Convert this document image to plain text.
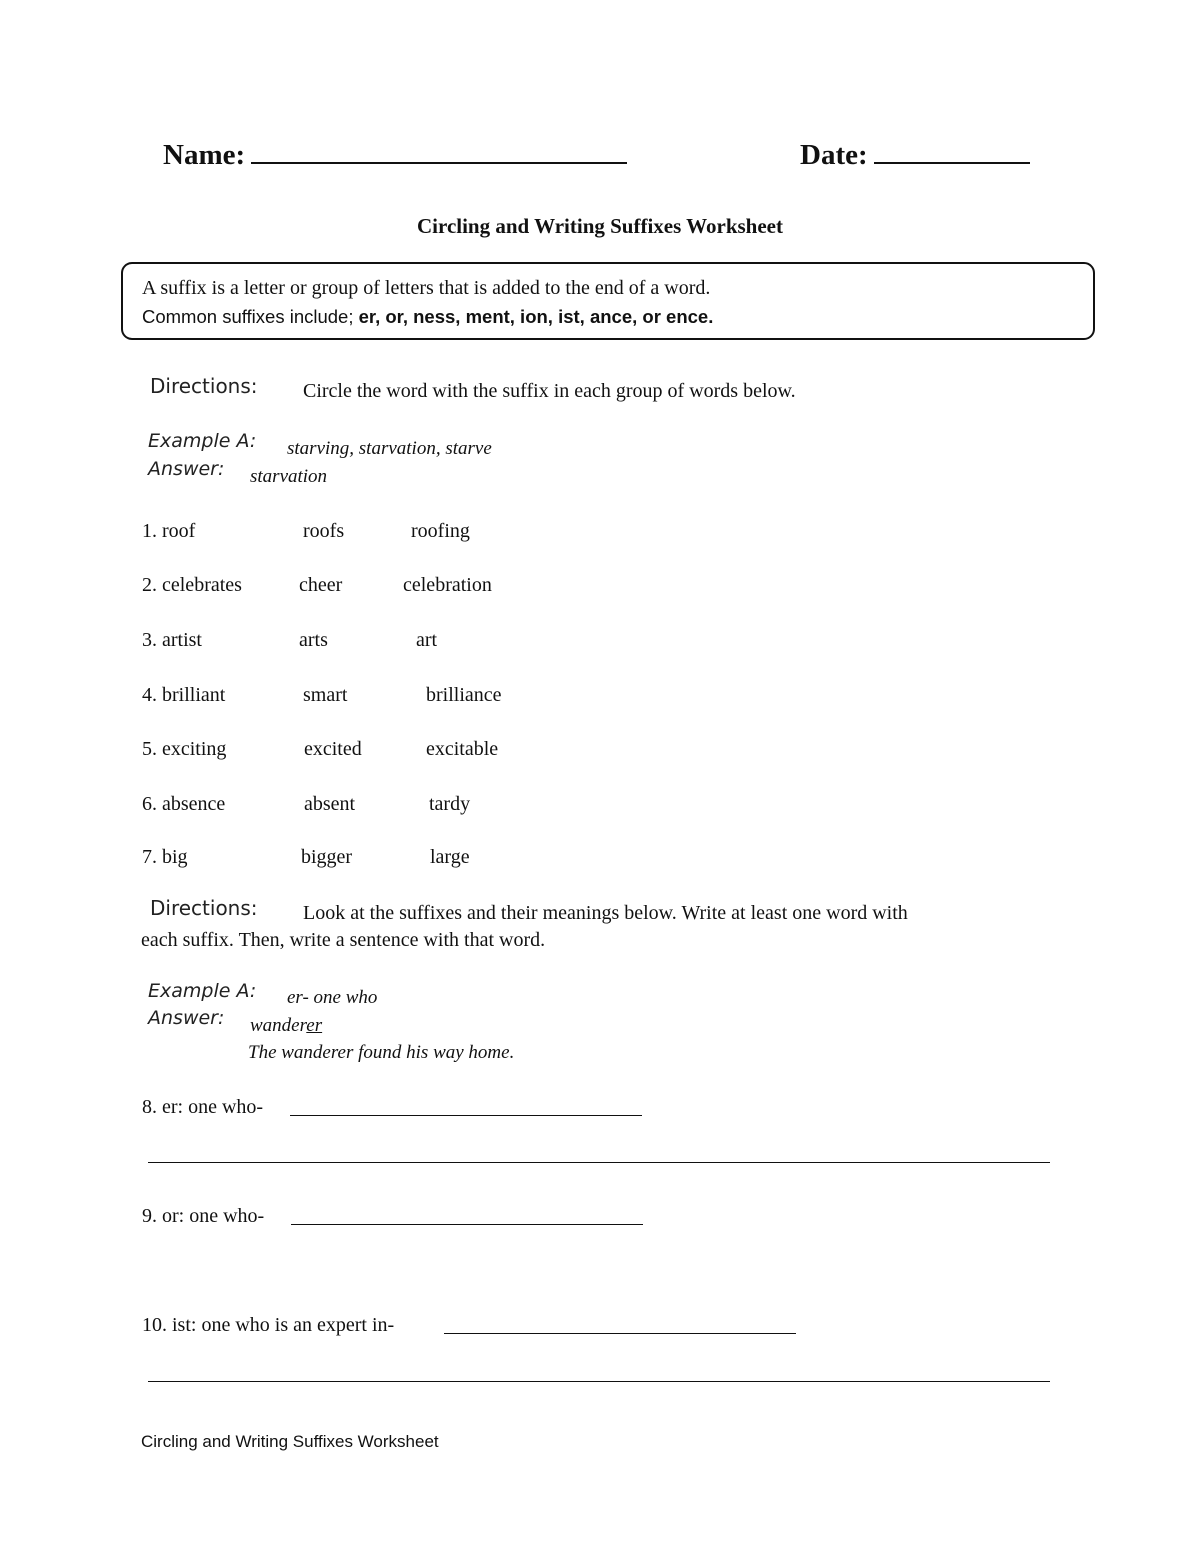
Name:	Date:
Circling and Writing Suffixes Worksheet
A suffix is a letter or group of letters that is added to the end of a word.
Common suffixes include; er, or, ness, ment, ion, ist, ance, or ence.
Directions: Circle the word with the suffix in each group of words below.
Example A: starving, starvation, starve
Answer: starvation
1. roof	roofs	roofing
2. celebrates	cheer	celebration
3. artist	arts	art
4. brilliant	smart	brilliance
5. exciting	excited	excitable
6. absence	absent	tardy
7. big	bigger	large
Directions: Look at the suffixes and their meanings below. Write at least one word with
each suffix. Then, write a sentence with that word.
Example A: er- one who
Answer: wanderer
The wanderer found his way home.
8. er: one who-
9. or: one who-
10. ist: one who is an expert in-
Circling and Writing Suffixes Worksheet
